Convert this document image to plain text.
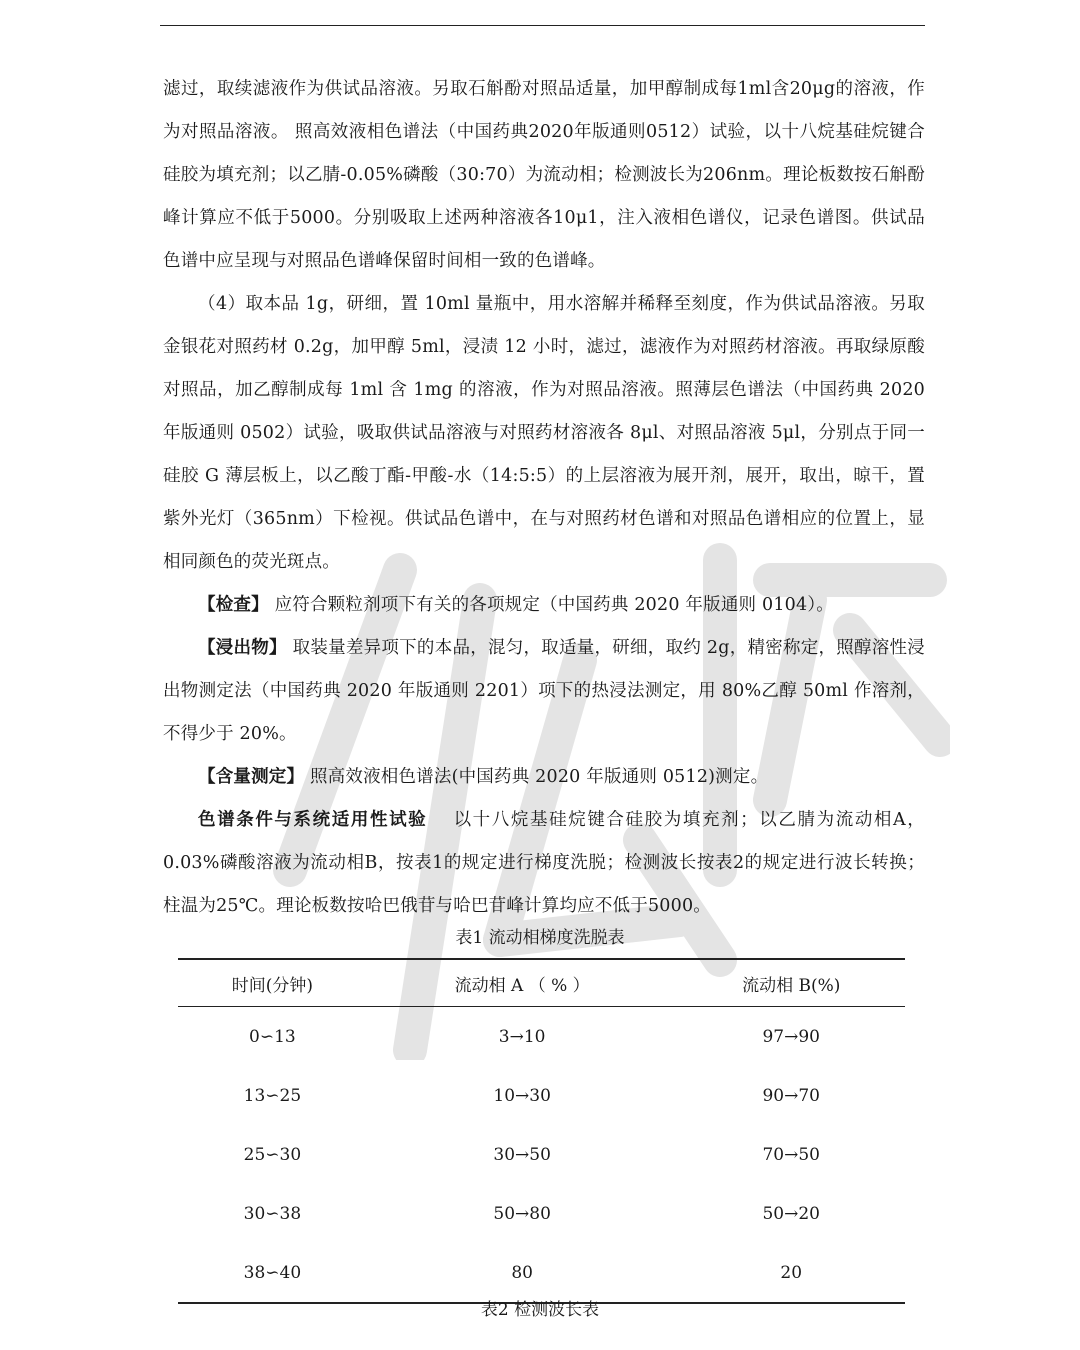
滤过，取续滤液作为供试品溶液。另取石斛酚对照品适量，加甲醇制成每1ml含20μg的溶液，作为对照品溶液。 照高效液相色谱法（中国药典2020年版通则0512）试验，以十八烷基硅烷键合硅胶为填充剂；以乙腈-0.05%磷酸（30:70）为流动相；检测波长为206nm。理论板数按石斛酚峰计算应不低于5000。分别吸取上述两种溶液各10μ1，注入液相色谱仪，记录色谱图。供试品色谱中应呈现与对照品色谱峰保留时间相一致的色谱峰。

（4）取本品 1g，研细，置 10ml 量瓶中，用水溶解并稀释至刻度，作为供试品溶液。另取金银花对照药材 0.2g，加甲醇 5ml，浸渍 12 小时，滤过，滤液作为对照药材溶液。再取绿原酸对照品，加乙醇制成每 1ml 含 1mg 的溶液，作为对照品溶液。照薄层色谱法（中国药典 2020 年版通则 0502）试验，吸取供试品溶液与对照药材溶液各 8μl、对照品溶液 5μl，分别点于同一硅胶 G 薄层板上，以乙酸丁酯-甲酸-水（14:5:5）的上层溶液为展开剂，展开，取出，晾干，置紫外光灯（365nm）下检视。供试品色谱中，在与对照药材色谱和对照品色谱相应的位置上，显相同颜色的荧光斑点。

【检查】 应符合颗粒剂项下有关的各项规定（中国药典 2020 年版通则 0104）。

【浸出物】 取装量差异项下的本品，混匀，取适量，研细，取约 2g，精密称定，照醇溶性浸出物测定法（中国药典 2020 年版通则 2201）项下的热浸法测定，用 80%乙醇 50ml 作溶剂，不得少于 20%。

【含量测定】 照高效液相色谱法(中国药典 2020 年版通则 0512)测定。

色谱条件与系统适用性试验　 以十八烷基硅烷键合硅胶为填充剂；以乙腈为流动相A，0.03%磷酸溶液为流动相B，按表1的规定进行梯度洗脱；检测波长按表2的规定进行波长转换；柱温为25℃。理论板数按哈巴俄苷与哈巴苷峰计算均应不低于5000。

表1 流动相梯度洗脱表

时间(分钟)	流动相 A （ % ）	流动相 B(%)
0∽13	3→10	97→90
13∽25	10→30	90→70
25∽30	30→50	70→50
30∽38	50→80	50→20
38∽40	80	20

表2 检测波长表
